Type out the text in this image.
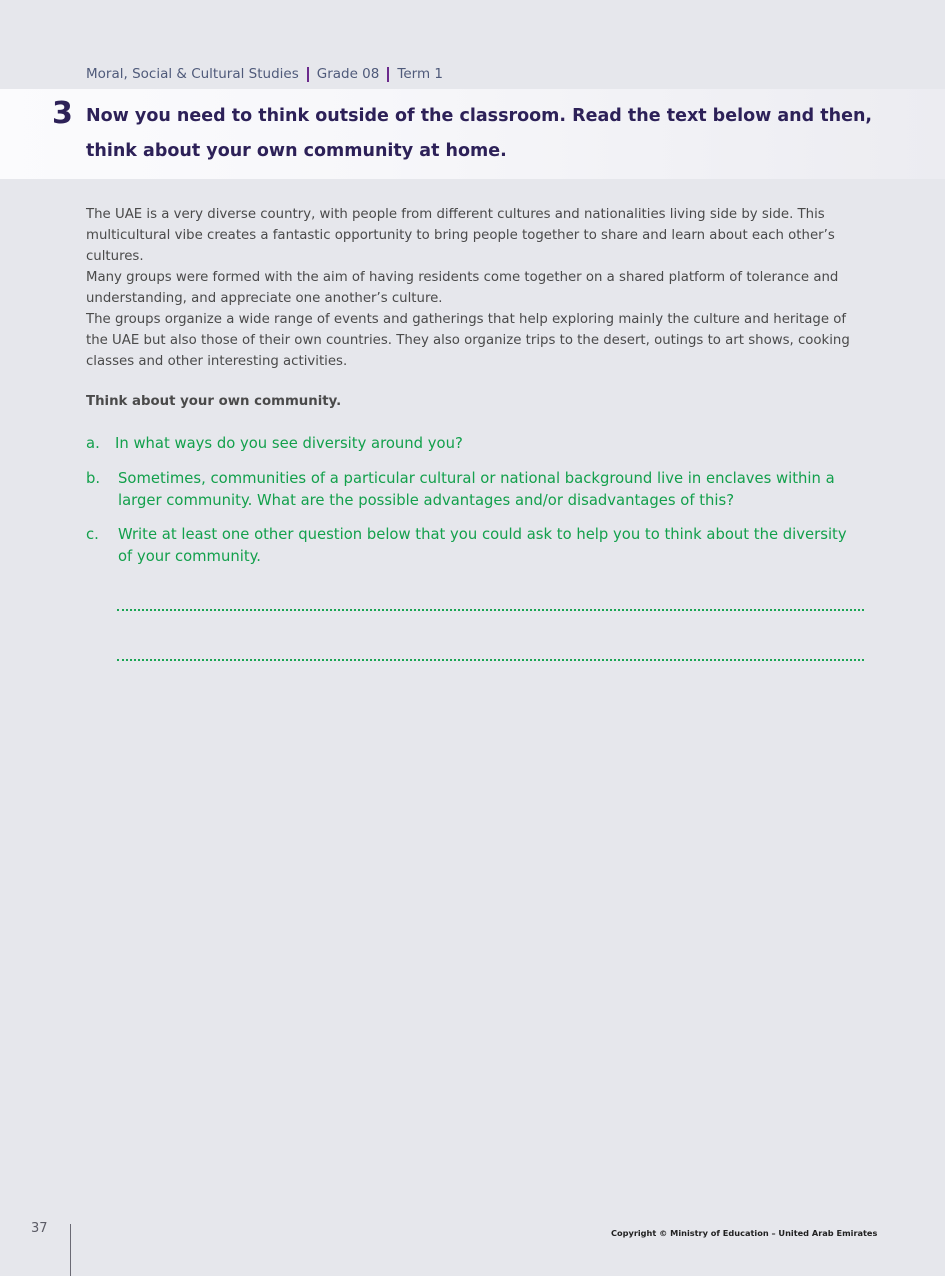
Moral, Social & Cultural Studies Grade 08 Term 1
3 Now you need to think outside of the classroom. Read the text below and then, think about your own community at home.

The UAE is a very diverse country, with people from different cultures and nationalities living side by side. This multicultural vibe creates a fantastic opportunity to bring people together to share and learn about each other’s cultures.

Many groups were formed with the aim of having residents come together on a shared platform of tolerance and understanding, and appreciate one another’s culture.

The groups organize a wide range of events and gatherings that help exploring mainly the culture and heritage of the UAE but also those of their own countries. They also organize trips to the desert, outings to art shows, cooking classes and other interesting activities.

Think about your own community.
a. In what ways do you see diversity around you?
b. Sometimes, communities of a particular cultural or national background live in enclaves within a larger community. What are the possible advantages and/or disadvantages of this?
c. Write at least one other question below that you could ask to help you to think about the diversity of your community.
37	Copyright © Ministry of Education – United Arab Emirates
